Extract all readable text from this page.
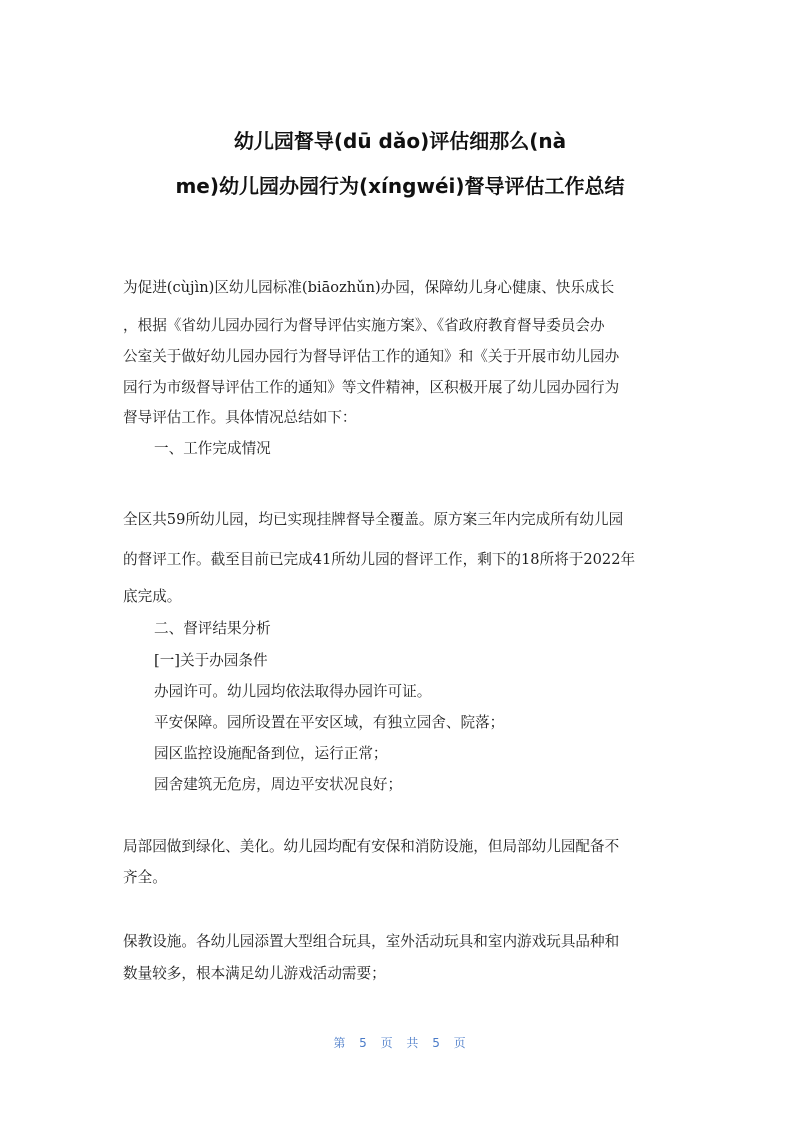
幼儿园督导(dū dǎo)评估细那么(nà
me)幼儿园办园行为(xíngwéi)督导评估工作总结
为促进(cùjìn)区幼儿园标准(biāozhǔn)办园，保障幼儿身心健康、快乐成长
，根据《省幼儿园办园行为督导评估实施方案》、《省政府教育督导委员会办
公室关于做好幼儿园办园行为督导评估工作的通知》和《关于开展市幼儿园办
园行为市级督导评估工作的通知》等文件精神，区积极开展了幼儿园办园行为
督导评估工作。具体情况总结如下：
一、工作完成情况
全区共59所幼儿园，均已实现挂牌督导全覆盖。原方案三年内完成所有幼儿园
的督评工作。截至目前已完成41所幼儿园的督评工作，剩下的18所将于2022年
底完成。
二、督评结果分析
[一]关于办园条件
办园许可。幼儿园均依法取得办园许可证。
平安保障。园所设置在平安区域，有独立园舍、院落；
园区监控设施配备到位，运行正常；
园舍建筑无危房，周边平安状况良好；
局部园做到绿化、美化。幼儿园均配有安保和消防设施，但局部幼儿园配备不
齐全。
保教设施。各幼儿园添置大型组合玩具，室外活动玩具和室内游戏玩具品种和
数量较多，根本满足幼儿游戏活动需要；
第 5 页 共 5 页
